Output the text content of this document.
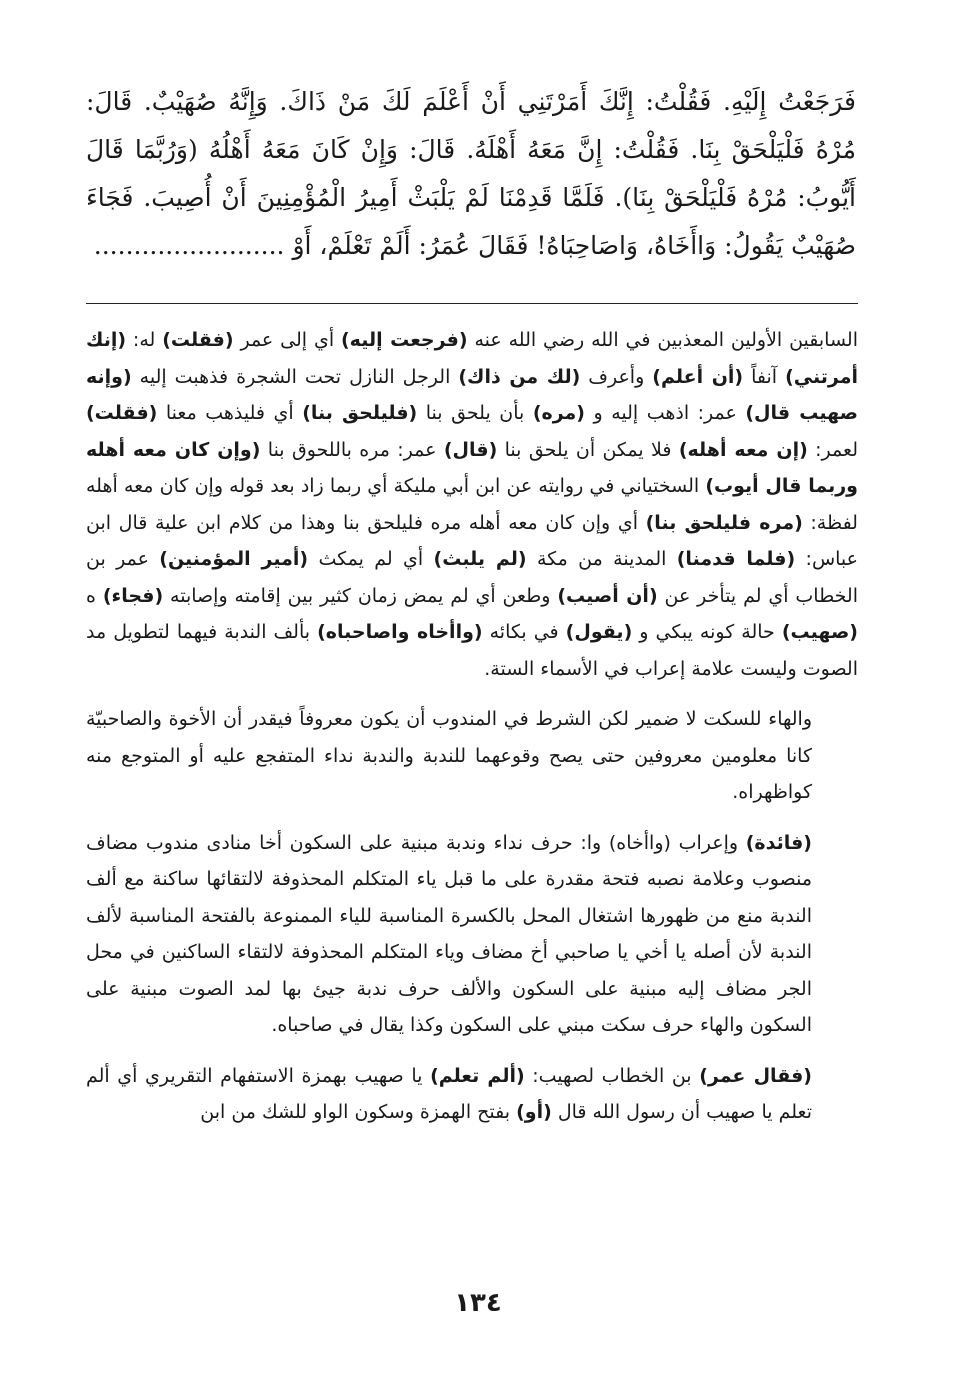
فَرَجَعْتُ إِلَيْهِ. فَقُلْتُ: إِنَّكَ أَمَرْتَنِي أَنْ أَعْلَمَ لَكَ مَنْ ذَاكَ. وَإِنَّهُ صُهَيْبٌ. قَالَ: مُرْهُ فَلْيَلْحَقْ بِنَا. فَقُلْتُ: إِنَّ مَعَهُ أَهْلَهُ. قَالَ: وَإِنْ كَانَ مَعَهُ أَهْلُهُ (وَرُبَّمَا قَالَ أَيُّوبُ: مُرْهُ فَلْيَلْحَقْ بِنَا). فَلَمَّا قَدِمْنَا لَمْ يَلْبَثْ أَمِيرُ الْمُؤْمِنِينَ أَنْ أُصِيبَ. فَجَاءَ صُهَيْبٌ يَقُولُ: وَاأَخَاهُ، وَاصَاحِبَاهُ! فَقَالَ عُمَرُ: أَلَمْ تَعْلَمْ، أَوْ ........................

السابقين الأولين المعذبين في الله رضي الله عنه (فرجعت إليه) أي إلى عمر (فقلت) له: (إنك أمرتني) آنفاً (أن أعلم) وأعرف (لك من ذاك) الرجل النازل تحت الشجرة فذهبت إليه (وإنه صهيب قال) عمر: اذهب إليه و (مره) بأن يلحق بنا (فليلحق بنا) أي فليذهب معنا (فقلت) لعمر: (إن معه أهله) فلا يمكن أن يلحق بنا (قال) عمر: مره باللحوق بنا (وإن كان معه أهله وربما قال أيوب) السختياني في روايته عن ابن أبي مليكة أي ربما زاد بعد قوله وإن كان معه أهله لفظة: (مره فليلحق بنا) أي وإن كان معه أهله مره فليلحق بنا وهذا من كلام ابن علية قال ابن عباس: (فلما قدمنا) المدينة من مكة (لم يلبث) أي لم يمكث (أمير المؤمنين) عمر بن الخطاب أي لم يتأخر عن (أن أصيب) وطعن أي لم يمض زمان كثير بين إقامته وإصابته (فجاء) ه (صهيب) حالة كونه يبكي و (يقول) في بكائه (واأخاه واصاحباه) بألف الندبة فيهما لتطويل مد الصوت وليست علامة إعراب في الأسماء الستة.

والهاء للسكت لا ضمير لكن الشرط في المندوب أن يكون معروفاً فيقدر أن الأخوة والصاحبيّة كانا معلومين معروفين حتى يصح وقوعهما للندبة والندبة نداء المتفجع عليه أو المتوجع منه كواظهراه.

(فائدة) وإعراب (واأخاه) وا: حرف نداء وندبة مبنية على السكون أخا منادى مندوب مضاف منصوب وعلامة نصبه فتحة مقدرة على ما قبل ياء المتكلم المحذوفة لالتقائها ساكنة مع ألف الندبة منع من ظهورها اشتغال المحل بالكسرة المناسبة للياء الممنوعة بالفتحة المناسبة لألف الندبة لأن أصله يا أخي يا صاحبي أخ مضاف وياء المتكلم المحذوفة لالتقاء الساكنين في محل الجر مضاف إليه مبنية على السكون والألف حرف ندبة جيئ بها لمد الصوت مبنية على السكون والهاء حرف سكت مبني على السكون وكذا يقال في صاحباه.

(فقال عمر) بن الخطاب لصهيب: (ألم تعلم) يا صهيب بهمزة الاستفهام التقريري أي ألم تعلم يا صهيب أن رسول الله قال (أو) بفتح الهمزة وسكون الواو للشك من ابن

١٣٤
